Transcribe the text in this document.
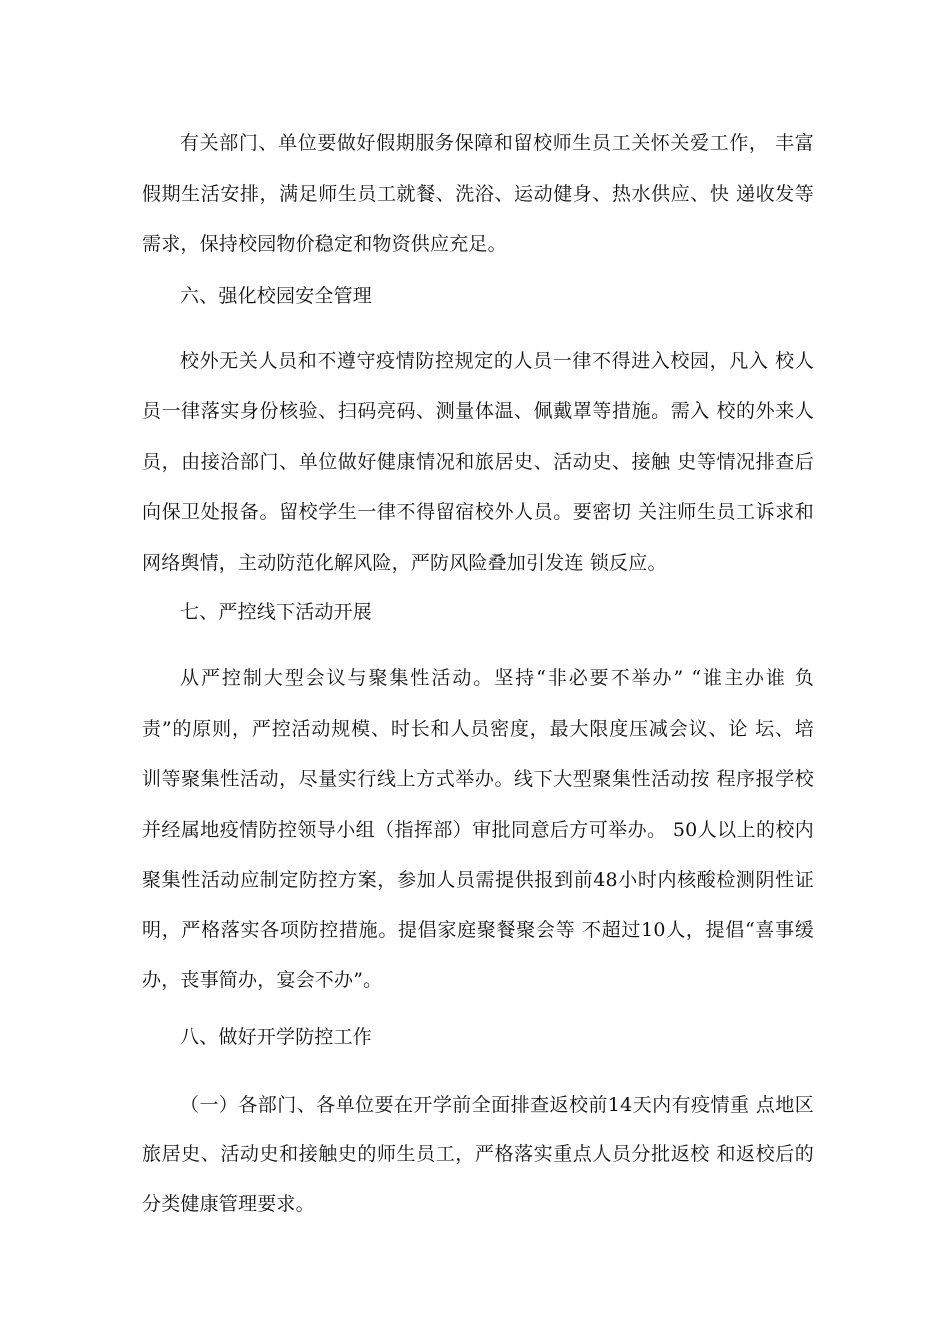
有关部门、单位要做好假期服务保障和留校师生员工关怀关爱工作， 丰富
假期生活安排，满足师生员工就餐、洗浴、运动健身、热水供应、快 递收发等
需求，保持校园物价稳定和物资供应充足。
六、强化校园安全管理
校外无关人员和不遵守疫情防控规定的人员一律不得进入校园，凡入 校人
员一律落实身份核验、扫码亮码、测量体温、佩戴罩等措施。需入 校的外来人
员，由接洽部门、单位做好健康情况和旅居史、活动史、接触 史等情况排查后
向保卫处报备。留校学生一律不得留宿校外人员。要密切 关注师生员工诉求和
网络舆情，主动防范化解风险，严防风险叠加引发连 锁反应。
七、严控线下活动开展
从严控制大型会议与聚集性活动。坚持“非必要不举办” “谁主办谁 负
责”的原则，严控活动规模、时长和人员密度，最大限度压减会议、论 坛、培
训等聚集性活动，尽量实行线上方式举办。线下大型聚集性活动按 程序报学校
并经属地疫情防控领导小组（指挥部）审批同意后方可举办。 50人以上的校内
聚集性活动应制定防控方案，参加人员需提供报到前48小时内核酸检测阴性证
明，严格落实各项防控措施。提倡家庭聚餐聚会等 不超过10人，提倡“喜事缓
办，丧事简办，宴会不办”。
八、做好开学防控工作
（一）各部门、各单位要在开学前全面排查返校前14天内有疫情重 点地区
旅居史、活动史和接触史的师生员工，严格落实重点人员分批返校 和返校后的
分类健康管理要求。
